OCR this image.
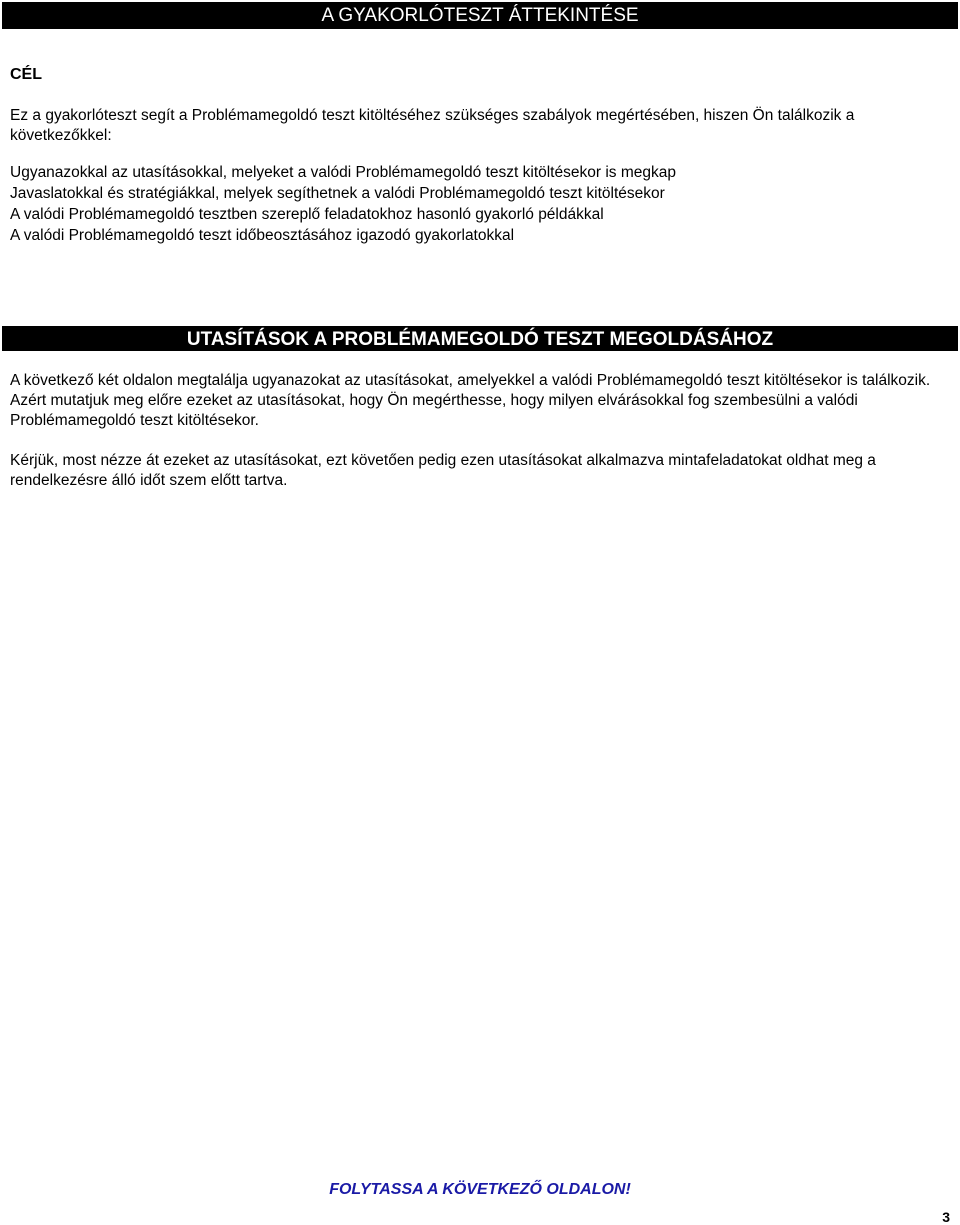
A GYAKORLÓTESZT ÁTTEKINTÉSE
CÉL

Ez a gyakorlóteszt segít a Problémamegoldó teszt kitöltéséhez szükséges szabályok megértésében, hiszen Ön találkozik a következőkkel:

Ugyanazokkal az utasításokkal, melyeket a valódi Problémamegoldó teszt kitöltésekor is megkap
Javaslatokkal és stratégiákkal, melyek segíthetnek a valódi Problémamegoldó teszt kitöltésekor
A valódi Problémamegoldó tesztben szereplő feladatokhoz hasonló gyakorló példákkal
A valódi Problémamegoldó teszt időbeosztásához igazodó gyakorlatokkal
UTASÍTÁSOK A PROBLÉMAMEGOLDÓ TESZT MEGOLDÁSÁHOZ

A következő két oldalon megtalálja ugyanazokat az utasításokat, amelyekkel a valódi Problémamegoldó teszt kitöltésekor is találkozik. Azért mutatjuk meg előre ezeket az utasításokat, hogy Ön megérthesse, hogy milyen elvárásokkal fog szembesülni a valódi Problémamegoldó teszt kitöltésekor.

Kérjük, most nézze át ezeket az utasításokat, ezt követően pedig ezen utasításokat alkalmazva mintafeladatokat oldhat meg a rendelkezésre álló időt szem előtt tartva.

FOLYTASSA A KÖVETKEZŐ OLDALON!
3
